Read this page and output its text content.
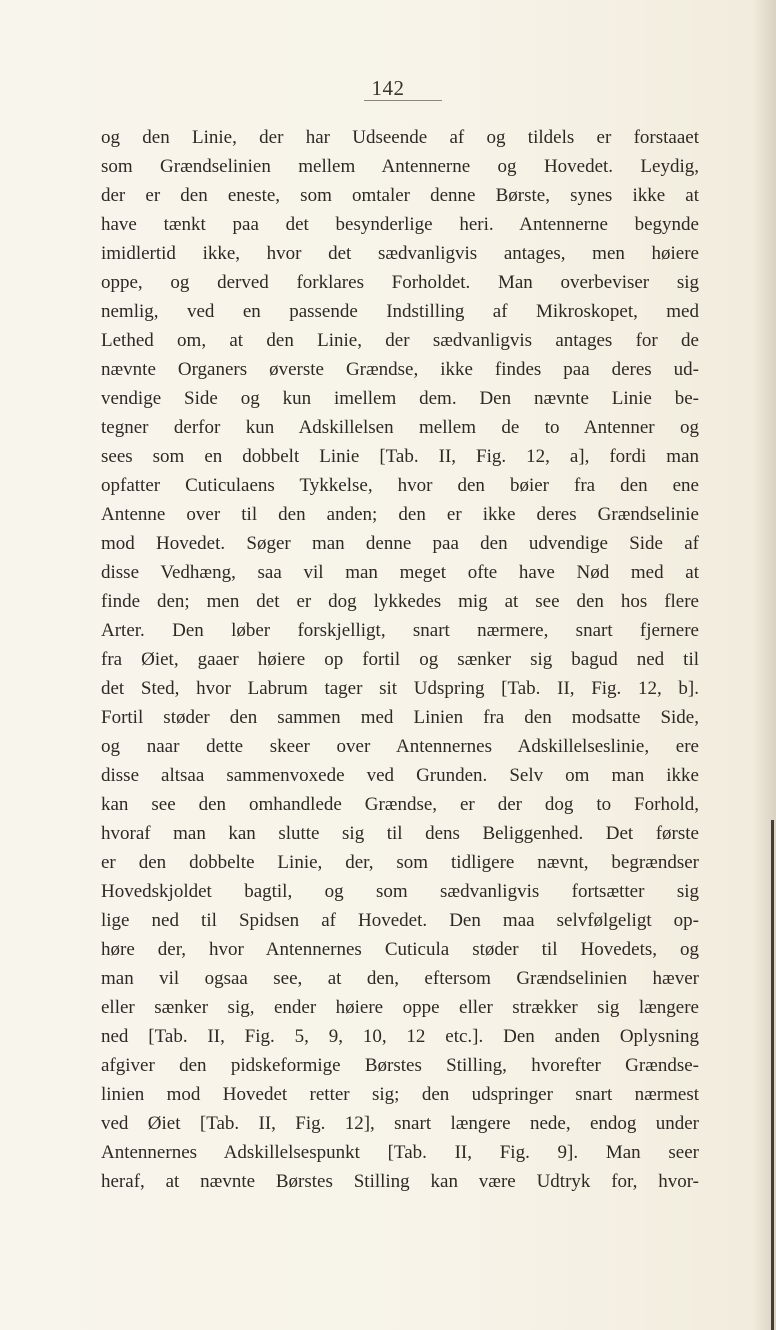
142
og den Linie, der har Udseende af og tildels er forstaaet
som Grændselinien mellem Antennerne og Hovedet. Leydig,
der er den eneste, som omtaler denne Børste, synes ikke at
have tænkt paa det besynderlige heri. Antennerne begynde
imidlertid ikke, hvor det sædvanligvis antages, men høiere
oppe, og derved forklares Forholdet. Man overbeviser sig
nemlig, ved en passende Indstilling af Mikroskopet, med
Lethed om, at den Linie, der sædvanligvis antages for de
nævnte Organers øverste Grændse, ikke findes paa deres ud-
vendige Side og kun imellem dem. Den nævnte Linie be-
tegner derfor kun Adskillelsen mellem de to Antenner og
sees som en dobbelt Linie [Tab. II, Fig. 12, a], fordi man
opfatter Cuticulaens Tykkelse, hvor den bøier fra den ene
Antenne over til den anden; den er ikke deres Grændselinie
mod Hovedet. Søger man denne paa den udvendige Side af
disse Vedhæng, saa vil man meget ofte have Nød med at
finde den; men det er dog lykkedes mig at see den hos flere
Arter. Den løber forskjelligt, snart nærmere, snart fjernere
fra Øiet, gaaer høiere op fortil og sænker sig bagud ned til
det Sted, hvor Labrum tager sit Udspring [Tab. II, Fig. 12, b].
Fortil støder den sammen med Linien fra den modsatte Side,
og naar dette skeer over Antennernes Adskillelseslinie, ere
disse altsaa sammenvoxede ved Grunden. Selv om man ikke
kan see den omhandlede Grændse, er der dog to Forhold,
hvoraf man kan slutte sig til dens Beliggenhed. Det første
er den dobbelte Linie, der, som tidligere nævnt, begrændser
Hovedskjoldet bagtil, og som sædvanligvis fortsætter sig
lige ned til Spidsen af Hovedet. Den maa selvfølgeligt op-
høre der, hvor Antennernes Cuticula støder til Hovedets, og
man vil ogsaa see, at den, eftersom Grændselinien hæver
eller sænker sig, ender høiere oppe eller strækker sig længere
ned [Tab. II, Fig. 5, 9, 10, 12 etc.]. Den anden Oplysning
afgiver den pidskeformige Børstes Stilling, hvorefter Grændse-
linien mod Hovedet retter sig; den udspringer snart nærmest
ved Øiet [Tab. II, Fig. 12], snart længere nede, endog under
Antennernes Adskillelsespunkt [Tab. II, Fig. 9]. Man seer
heraf, at nævnte Børstes Stilling kan være Udtryk for, hvor-
